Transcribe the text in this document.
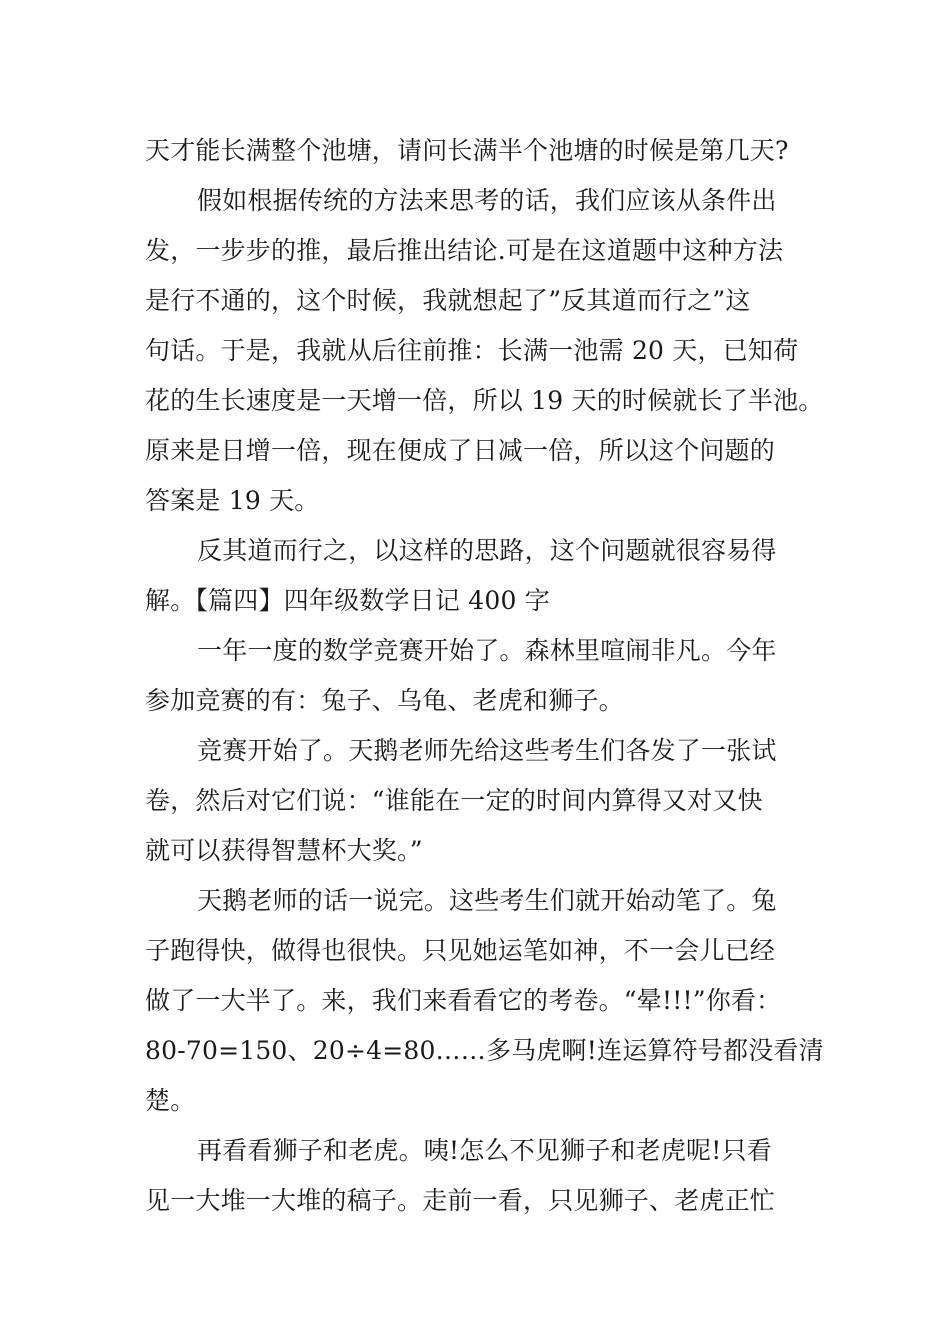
天才能长满整个池塘，请问长满半个池塘的时候是第几天?
假如根据传统的方法来思考的话，我们应该从条件出
发，一步步的推，最后推出结论.可是在这道题中这种方法
是行不通的，这个时候，我就想起了”反其道而行之”这
句话。于是，我就从后往前推：长满一池需 20 天，已知荷
花的生长速度是一天增一倍，所以 19 天的时候就长了半池。
原来是日增一倍，现在便成了日减一倍，所以这个问题的
答案是 19 天。
反其道而行之，以这样的思路，这个问题就很容易得
解。【篇四】四年级数学日记 400 字
一年一度的数学竞赛开始了。森林里喧闹非凡。今年
参加竞赛的有：兔子、乌龟、老虎和狮子。
竞赛开始了。天鹅老师先给这些考生们各发了一张试
卷，然后对它们说：“谁能在一定的时间内算得又对又快
就可以获得智慧杯大奖。”
天鹅老师的话一说完。这些考生们就开始动笔了。兔
子跑得快，做得也很快。只见她运笔如神，不一会儿已经
做了一大半了。来，我们来看看它的考卷。“晕!!!”你看：
80-70=150、20÷4=80……多马虎啊!连运算符号都没看清
楚。
再看看狮子和老虎。咦!怎么不见狮子和老虎呢!只看
见一大堆一大堆的稿子。走前一看，只见狮子、老虎正忙
